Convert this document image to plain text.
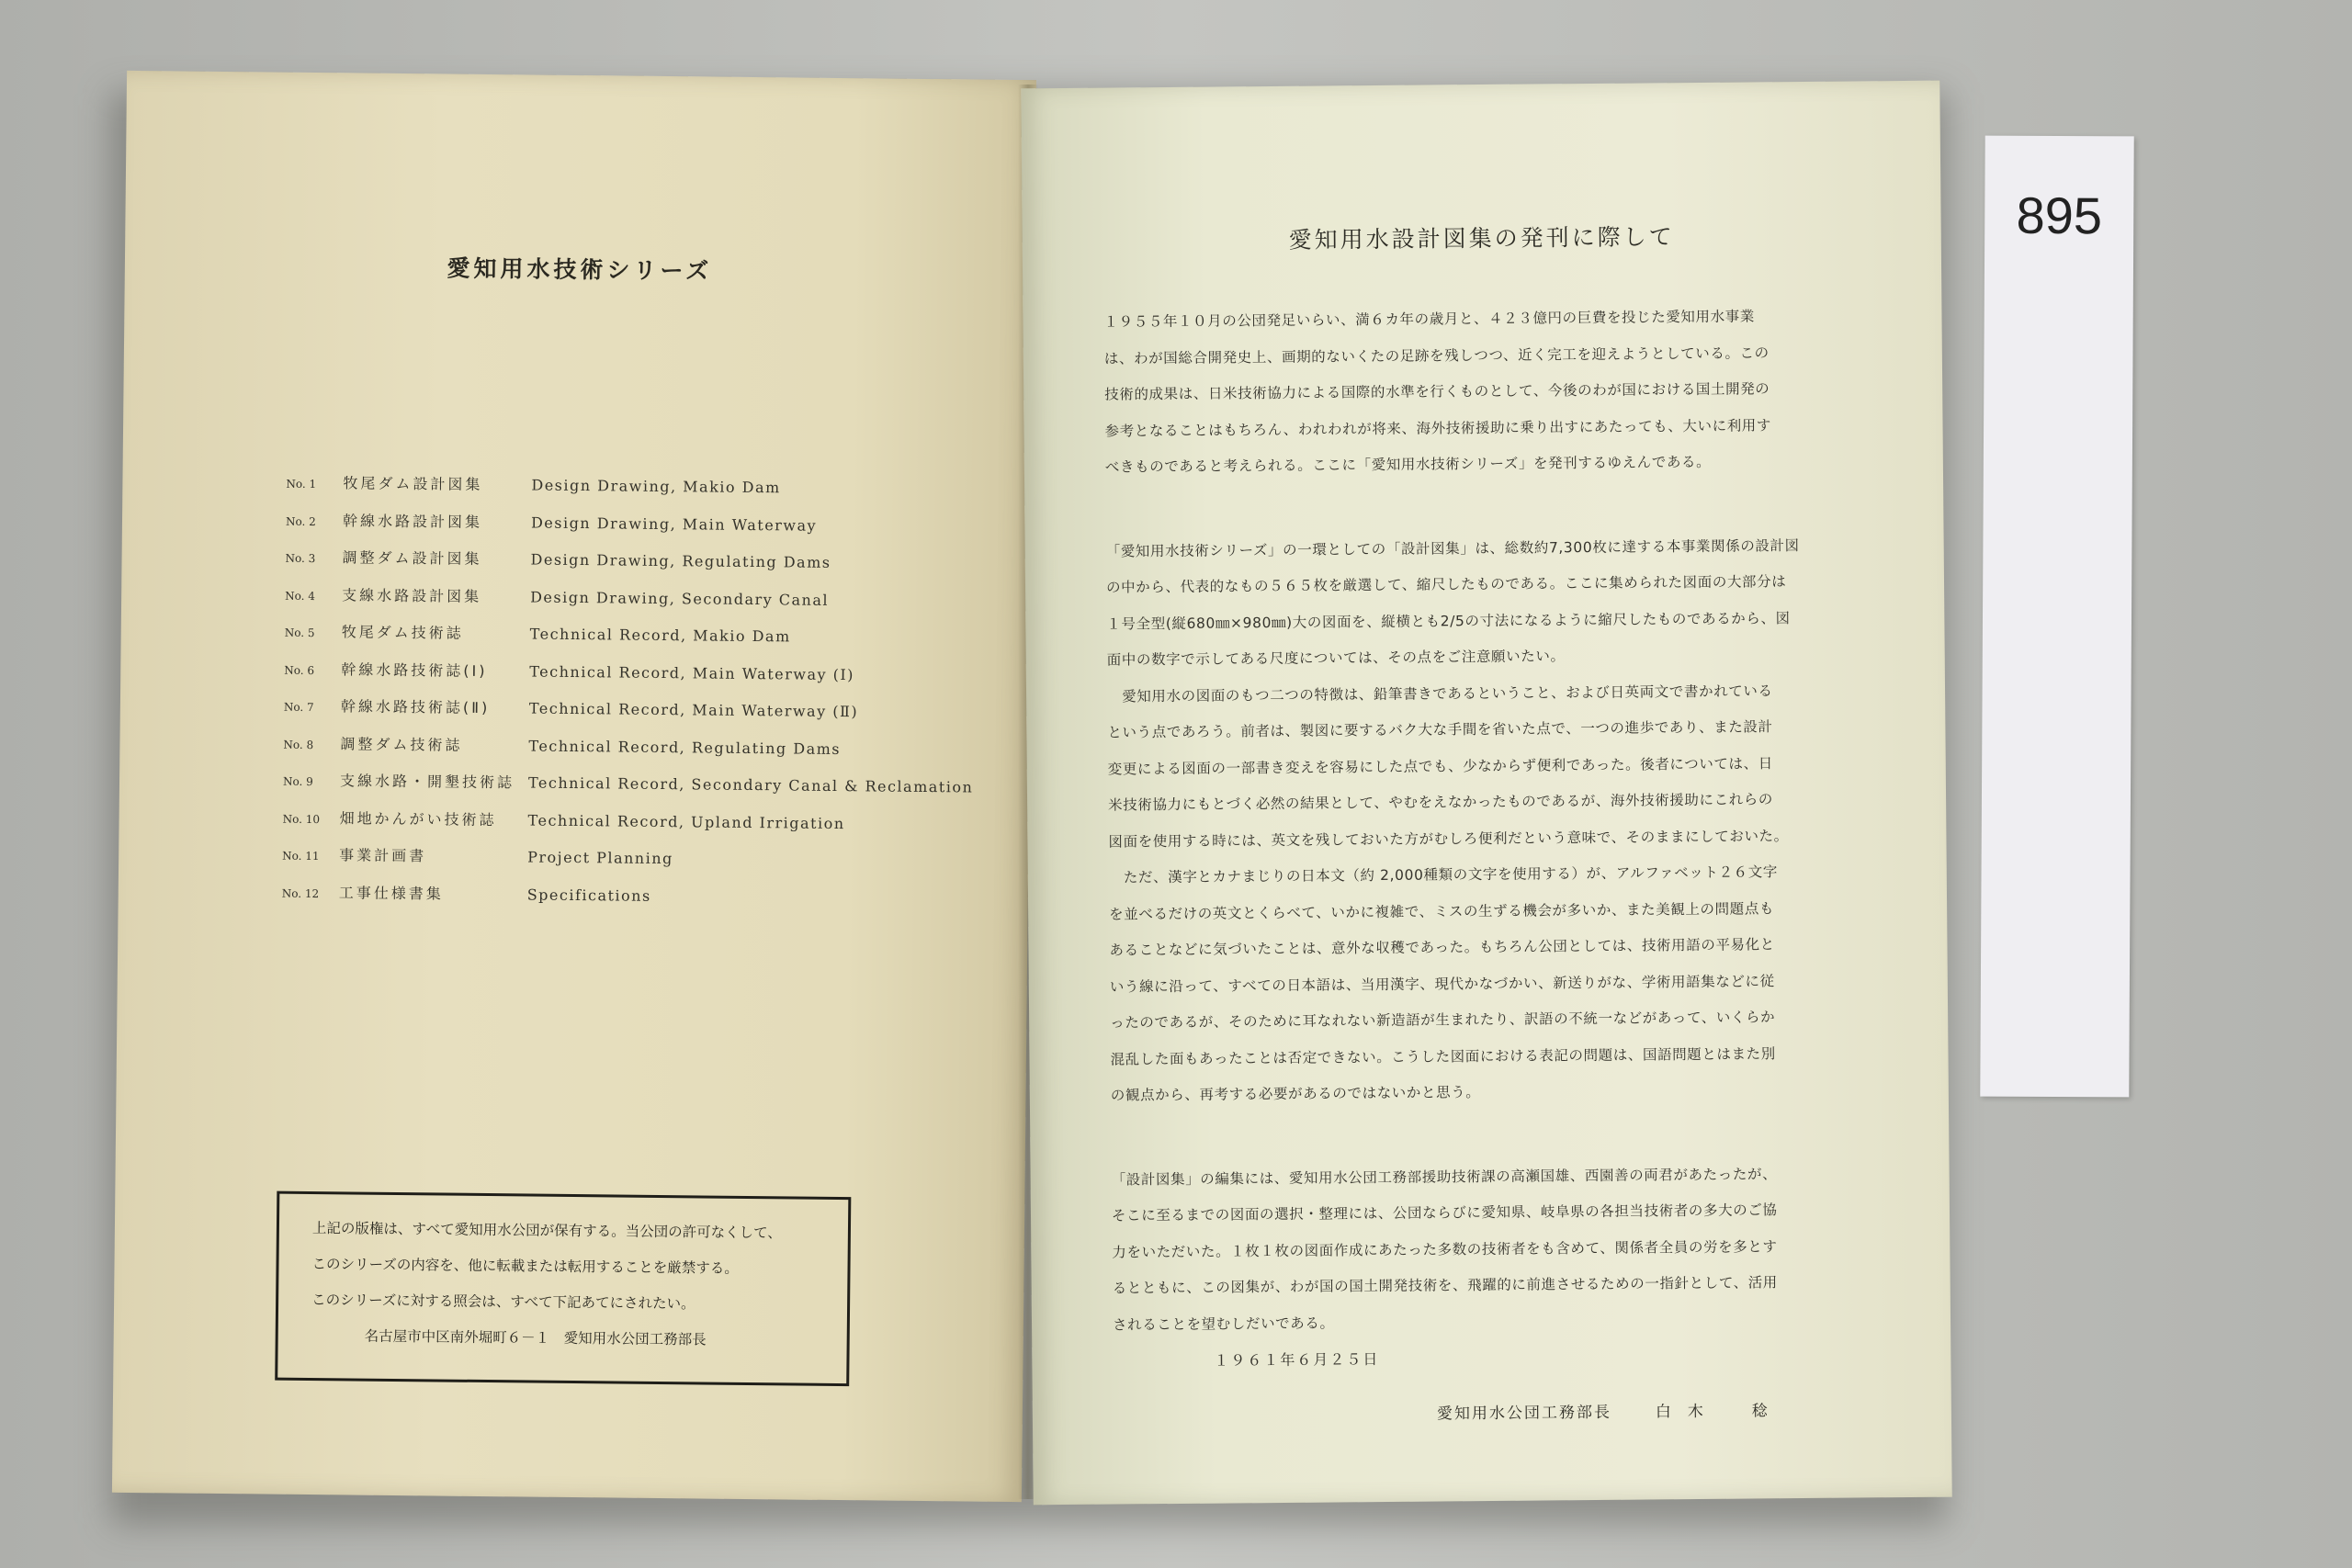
愛知用水技術シリーズ
No. 1	牧尾ダム設計図集	Design Drawing, Makio Dam
No. 2	幹線水路設計図集	Design Drawing, Main Waterway
No. 3	調整ダム設計図集	Design Drawing, Regulating Dams
No. 4	支線水路設計図集	Design Drawing, Secondary Canal
No. 5	牧尾ダム技術誌	Technical Record, Makio Dam
No. 6	幹線水路技術誌(Ⅰ)	Technical Record, Main Waterway (Ⅰ)
No. 7	幹線水路技術誌(Ⅱ)	Technical Record, Main Waterway (Ⅱ)
No. 8	調整ダム技術誌	Technical Record, Regulating Dams
No. 9	支線水路・開墾技術誌 Technical Record, Secondary Canal & Reclamation
No. 10	畑地かんがい技術誌	Technical Record, Upland Irrigation
No. 11	事業計画書	Project Planning
No. 12	工事仕様書集	Specifications

上記の版権は、すべて愛知用水公団が保有する。当公団の許可なくして、

このシリーズの内容を、他に転載または転用することを厳禁する。

このシリーズに対する照会は、すべて下記あてにされたい。

名古屋市中区南外堀町６－１　愛知用水公団工務部長

愛知用水設計図集の発刊に際して

１９５５年１０月の公団発足いらい、満６カ年の歳月と、４２３億円の巨費を投じた愛知用水事業

は、わが国総合開発史上、画期的ないくたの足跡を残しつつ、近く完工を迎えようとしている。この

技術的成果は、日米技術協力による国際的水準を行くものとして、今後のわが国における国土開発の

参考となることはもちろん、われわれが将来、海外技術援助に乗り出すにあたっても、大いに利用す

べきものであると考えられる。ここに「愛知用水技術シリーズ」を発刊するゆえんである。

「愛知用水技術シリーズ」の一環としての「設計図集」は、総数約7,300枚に達する本事業関係の設計図

の中から、代表的なもの５６５枚を厳選して、縮尺したものである。ここに集められた図面の大部分は

１号全型(縦680㎜×980㎜)大の図面を、縦横とも2/5の寸法になるように縮尺したものであるから、図

面中の数字で示してある尺度については、その点をご注意願いたい。

　愛知用水の図面のもつ二つの特徴は、鉛筆書きであるということ、および日英両文で書かれている

という点であろう。前者は、製図に要するバク大な手間を省いた点で、一つの進歩であり、また設計

変更による図面の一部書き変えを容易にした点でも、少なからず便利であった。後者については、日

米技術協力にもとづく必然の結果として、やむをえなかったものであるが、海外技術援助にこれらの

図面を使用する時には、英文を残しておいた方がむしろ便利だという意味で、そのままにしておいた。

　ただ、漢字とカナまじりの日本文（約 2,000種類の文字を使用する）が、アルファベット２６文字

を並べるだけの英文とくらべて、いかに複雑で、ミスの生ずる機会が多いか、また美観上の問題点も

あることなどに気づいたことは、意外な収穫であった。もちろん公団としては、技術用語の平易化と

いう線に沿って、すべての日本語は、当用漢字、現代かなづかい、新送りがな、学術用語集などに従

ったのであるが、そのために耳なれない新造語が生まれたり、訳語の不統一などがあって、いくらか

混乱した面もあったことは否定できない。こうした図面における表記の問題は、国語問題とはまた別

の観点から、再考する必要があるのではないかと思う。

「設計図集」の編集には、愛知用水公団工務部援助技術課の高瀬国雄、西園善の両君があたったが、

そこに至るまでの図面の選択・整理には、公団ならびに愛知県、岐阜県の各担当技術者の多大のご協

力をいただいた。１枚１枚の図面作成にあたった多数の技術者をも含めて、関係者全員の労を多とす

るとともに、この図集が、わが国の国土開発技術を、飛躍的に前進させるための一指針として、活用

されることを望むしだいである。

１９６１年６月２５日
愛知用水公団工務部長	白木　稔
895
